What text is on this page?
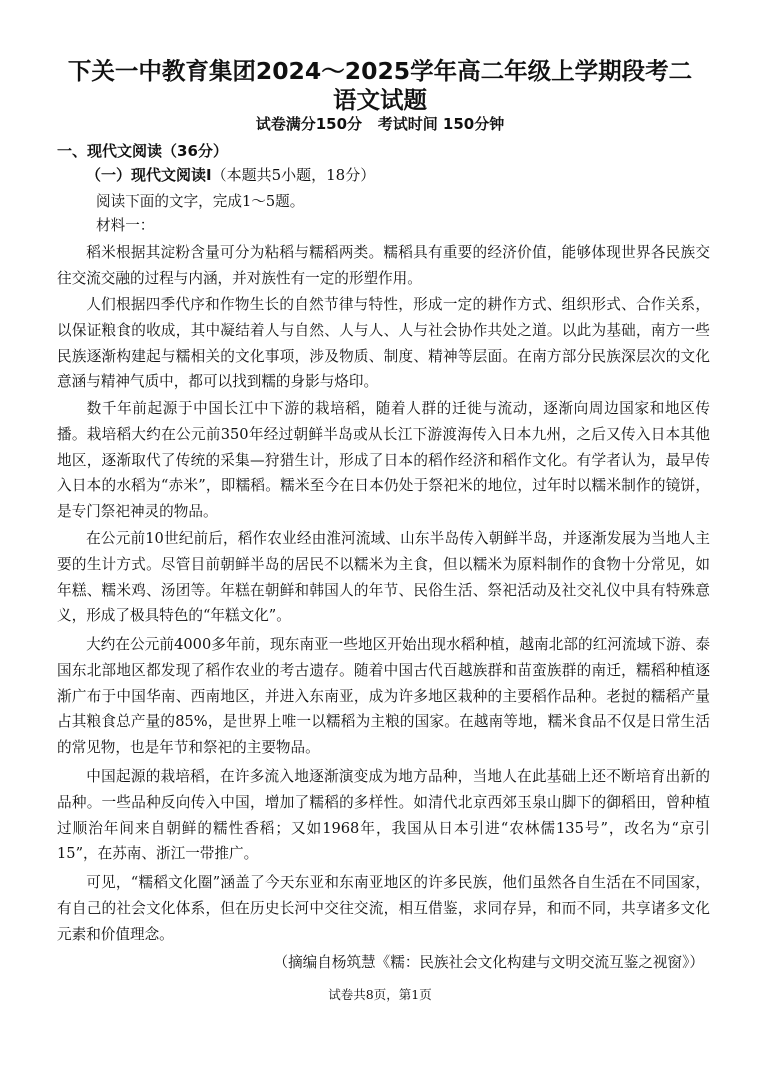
下关一中教育集团2024～2025学年高二年级上学期段考二
语文试题
试卷满分150分   考试时间 150分钟
一、现代文阅读（36分）
（一）现代文阅读Ⅰ（本题共5小题，18分）
阅读下面的文字，完成1～5题。
材料一：
稻米根据其淀粉含量可分为粘稻与糯稻两类。糯稻具有重要的经济价值，能够体现世界各民族交往交流交融的过程与内涵，并对族性有一定的形塑作用。
人们根据四季代序和作物生长的自然节律与特性，形成一定的耕作方式、组织形式、合作关系，以保证粮食的收成，其中凝结着人与自然、人与人、人与社会协作共处之道。以此为基础，南方一些民族逐渐构建起与糯相关的文化事项，涉及物质、制度、精神等层面。在南方部分民族深层次的文化意涵与精神气质中，都可以找到糯的身影与烙印。
数千年前起源于中国长江中下游的栽培稻，随着人群的迁徙与流动，逐渐向周边国家和地区传播。栽培稻大约在公元前350年经过朝鲜半岛或从长江下游渡海传入日本九州，之后又传入日本其他地区，逐渐取代了传统的采集—狩猎生计，形成了日本的稻作经济和稻作文化。有学者认为，最早传入日本的水稻为“赤米”，即糯稻。糯米至今在日本仍处于祭祀米的地位，过年时以糯米制作的镜饼，是专门祭祀神灵的物品。
在公元前10世纪前后，稻作农业经由淮河流域、山东半岛传入朝鲜半岛，并逐渐发展为当地人主要的生计方式。尽管目前朝鲜半岛的居民不以糯米为主食，但以糯米为原料制作的食物十分常见，如年糕、糯米鸡、汤团等。年糕在朝鲜和韩国人的年节、民俗生活、祭祀活动及社交礼仪中具有特殊意义，形成了极具特色的“年糕文化”。
大约在公元前4000多年前，现东南亚一些地区开始出现水稻种植，越南北部的红河流域下游、泰国东北部地区都发现了稻作农业的考古遗存。随着中国古代百越族群和苗蛮族群的南迁，糯稻种植逐渐广布于中国华南、西南地区，并进入东南亚，成为许多地区栽种的主要稻作品种。老挝的糯稻产量占其粮食总产量的85%，是世界上唯一以糯稻为主粮的国家。在越南等地，糯米食品不仅是日常生活的常见物，也是年节和祭祀的主要物品。
中国起源的栽培稻，在许多流入地逐渐演变成为地方品种，当地人在此基础上还不断培育出新的品种。一些品种反向传入中国，增加了糯稻的多样性。如清代北京西郊玉泉山脚下的御稻田，曾种植过顺治年间来自朝鲜的糯性香稻；又如1968年，我国从日本引进“农林儒135号”，改名为“京引15”，在苏南、浙江一带推广。
可见，“糯稻文化圈”涵盖了今天东亚和东南亚地区的许多民族，他们虽然各自生活在不同国家，有自己的社会文化体系，但在历史长河中交往交流，相互借鉴，求同存异，和而不同，共享诸多文化元素和价值理念。
（摘编自杨筑慧《糯：民族社会文化构建与文明交流互鉴之视窗》）
试卷共8页，第1页
